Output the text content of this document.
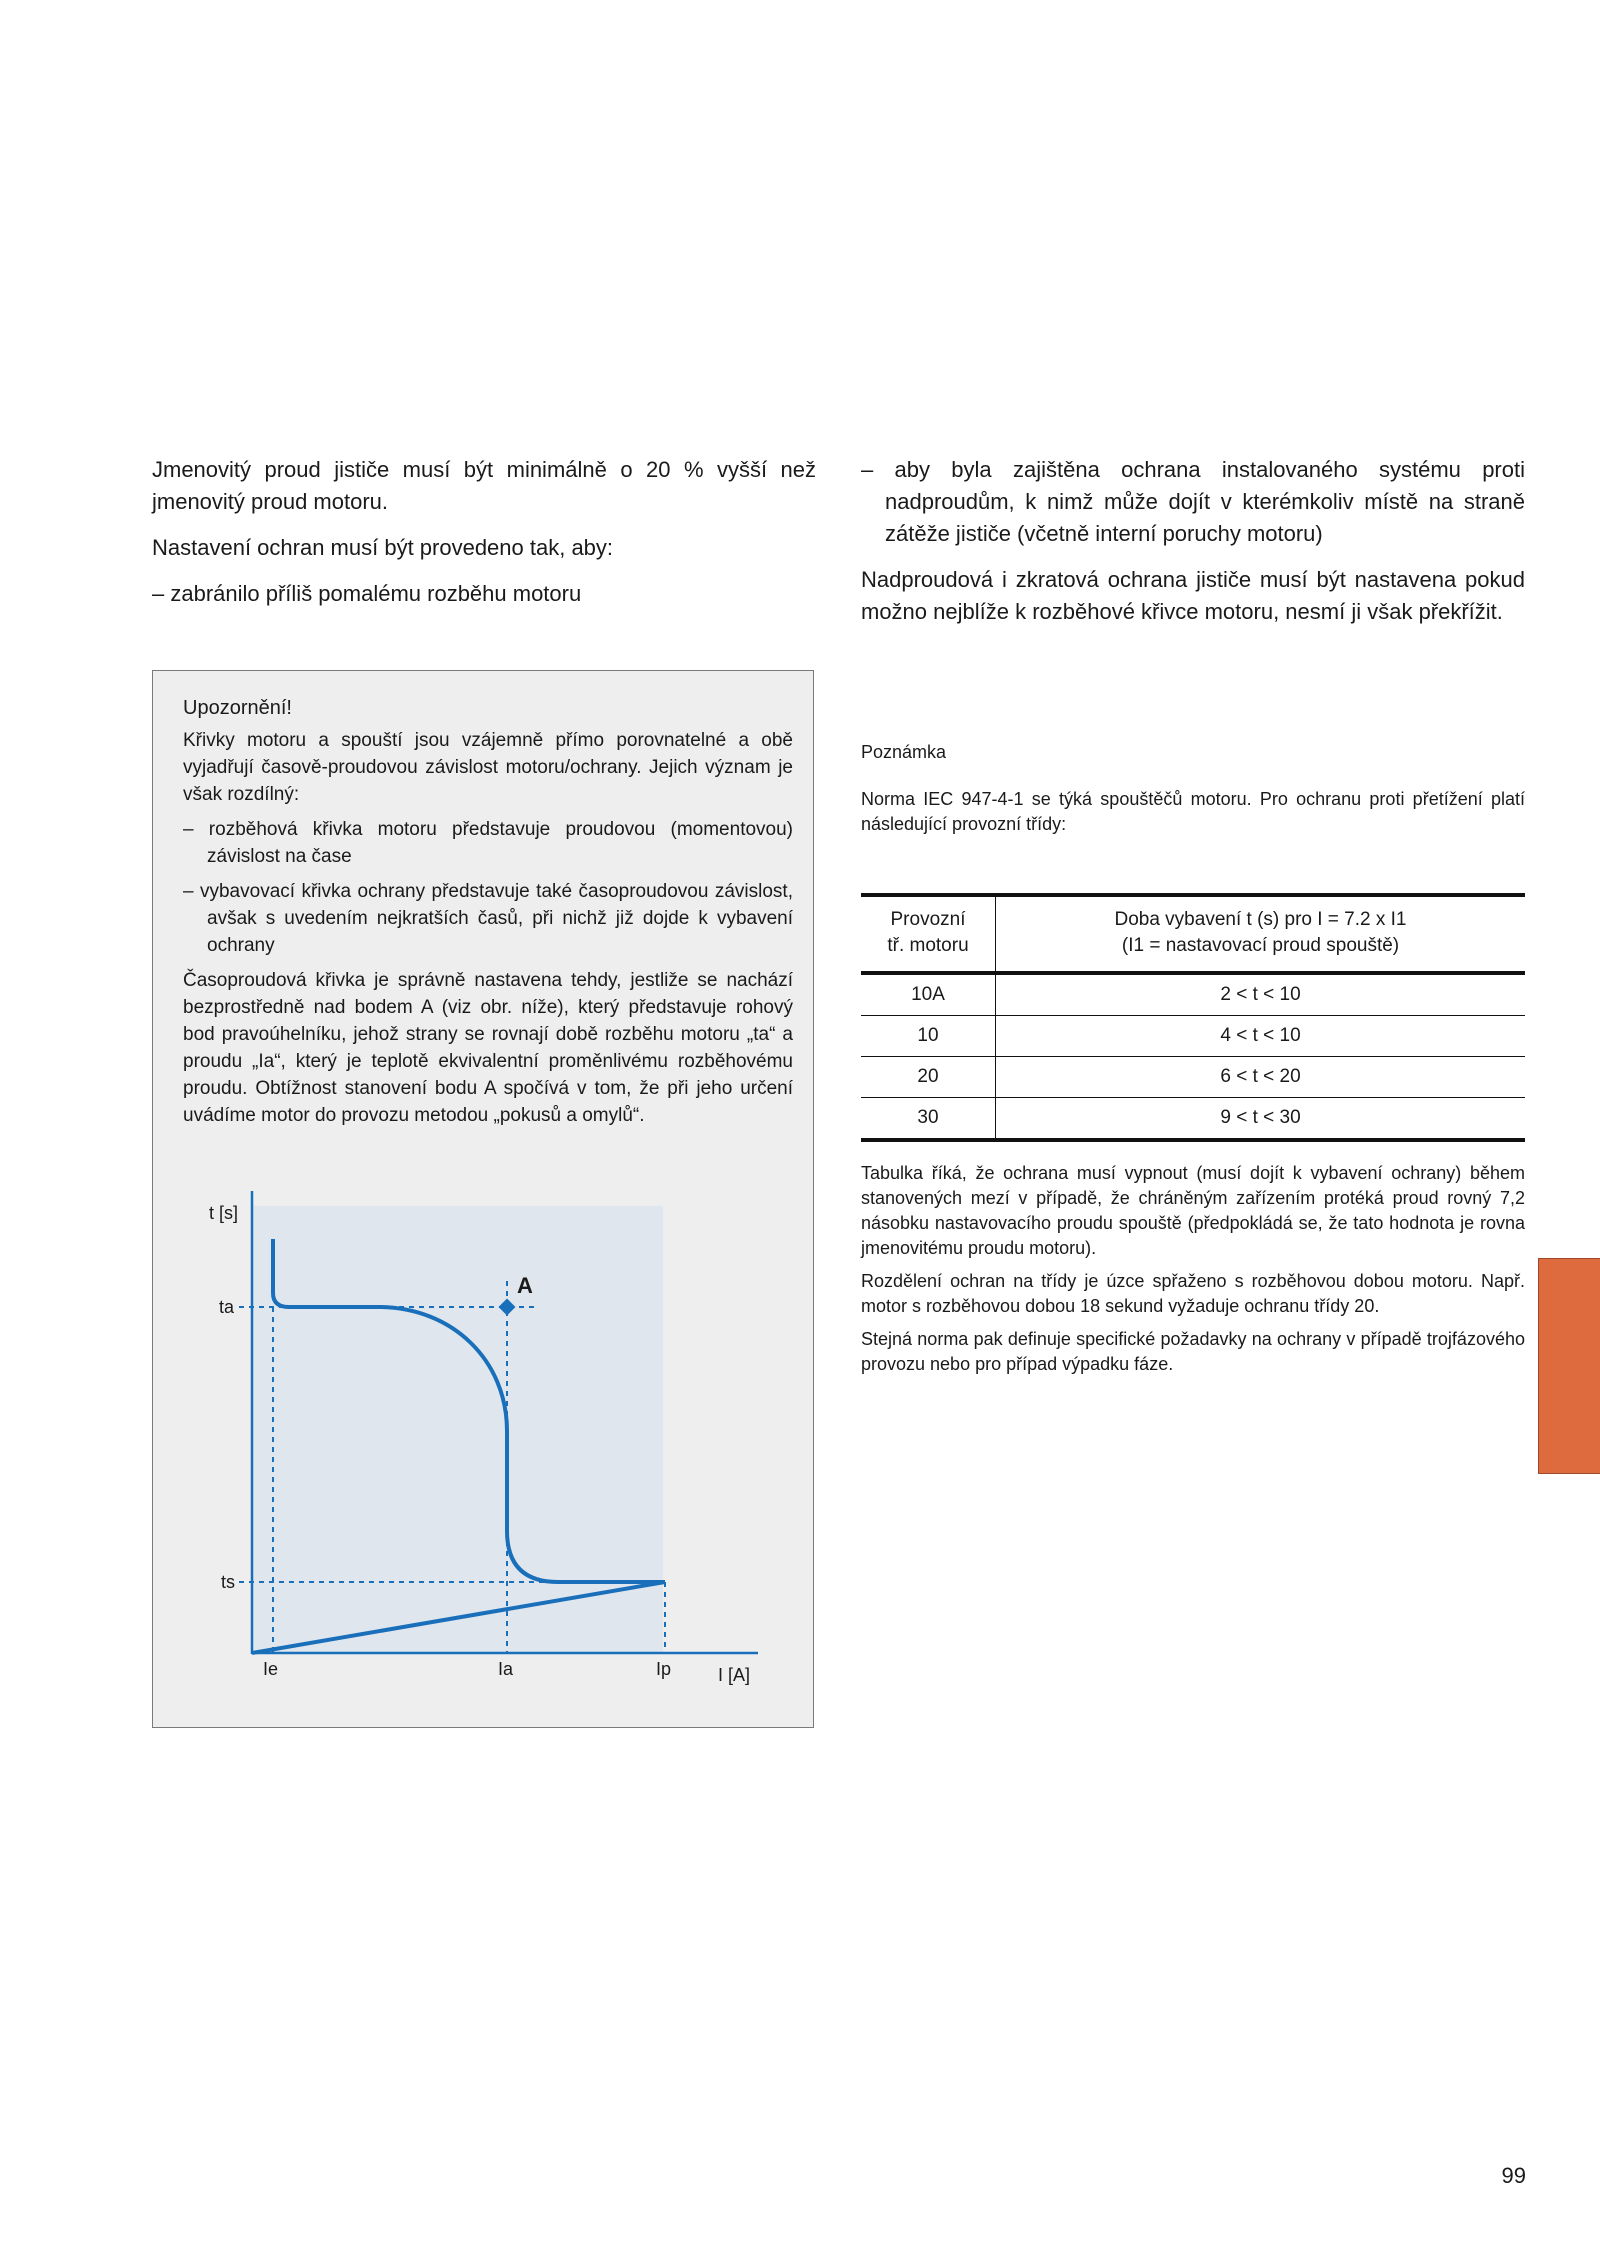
Jmenovitý proud jističe musí být minimálně o 20 % vyšší než jmenovitý proud motoru.

Nastavení ochran musí být provedeno tak, aby:

– zabránilo příliš pomalému rozběhu motoru

– aby byla zajištěna ochrana instalovaného systému proti nadproudům, k nimž může dojít v kterémkoliv místě na straně zátěže jističe (včetně interní poruchy motoru)

Nadproudová i zkratová ochrana jističe musí být nastavena pokud možno nejblíže k rozběhové křivce motoru, nesmí ji však překřížit.

Upozornění!

Křivky motoru a spouští jsou vzájemně přímo porovnatelné a obě vyjadřují časově-proudovou závislost motoru/ochrany. Jejich význam je však rozdílný:

– rozběhová křivka motoru představuje proudovou (momentovou) závislost na čase

– vybavovací křivka ochrany představuje také časoproudovou závislost, avšak s uvedením nejkratších časů, při nichž již dojde k vybavení ochrany

Časoproudová křivka je správně nastavena tehdy, jestliže se nachází bezprostředně nad bodem A (viz obr. níže), který představuje rohový bod pravoúhelníku, jehož strany se rovnají době rozběhu motoru „ta“ a proudu „Ia“, který je teplotě ekvivalentní proměnlivému rozběhovému proudu. Obtížnost stanovení bodu A spočívá v tom, že při jeho určení uvádíme motor do provozu metodou „pokusů a omylů“.

t [s]
ta
ts
Ie	Ia	Ip	I [A]
A

Poznámka

Norma IEC 947-4-1 se týká spouštěčů motoru. Pro ochranu proti přetížení platí následující provozní třídy:

Provozní tř. motoru	Doba vybavení t (s) pro I = 7.2 x I1
(I1 = nastavovací proud spouště)

10A	2 < t < 10
10	4 < t < 10
20	6 < t < 20
30	9 < t < 30

Tabulka říká, že ochrana musí vypnout (musí dojít k vybavení ochrany) během stanovených mezí v případě, že chráněným zařízením protéká proud rovný 7,2 násobku nastavovacího proudu spouště (předpokládá se, že tato hodnota je rovna jmenovitému proudu motoru).

Rozdělení ochran na třídy je úzce spřaženo s rozběhovou dobou motoru. Např. motor s rozběhovou dobou 18 sekund vyžaduje ochranu třídy 20.

Stejná norma pak definuje specifické požadavky na ochrany v případě trojfázového provozu nebo pro případ výpadku fáze.

99
